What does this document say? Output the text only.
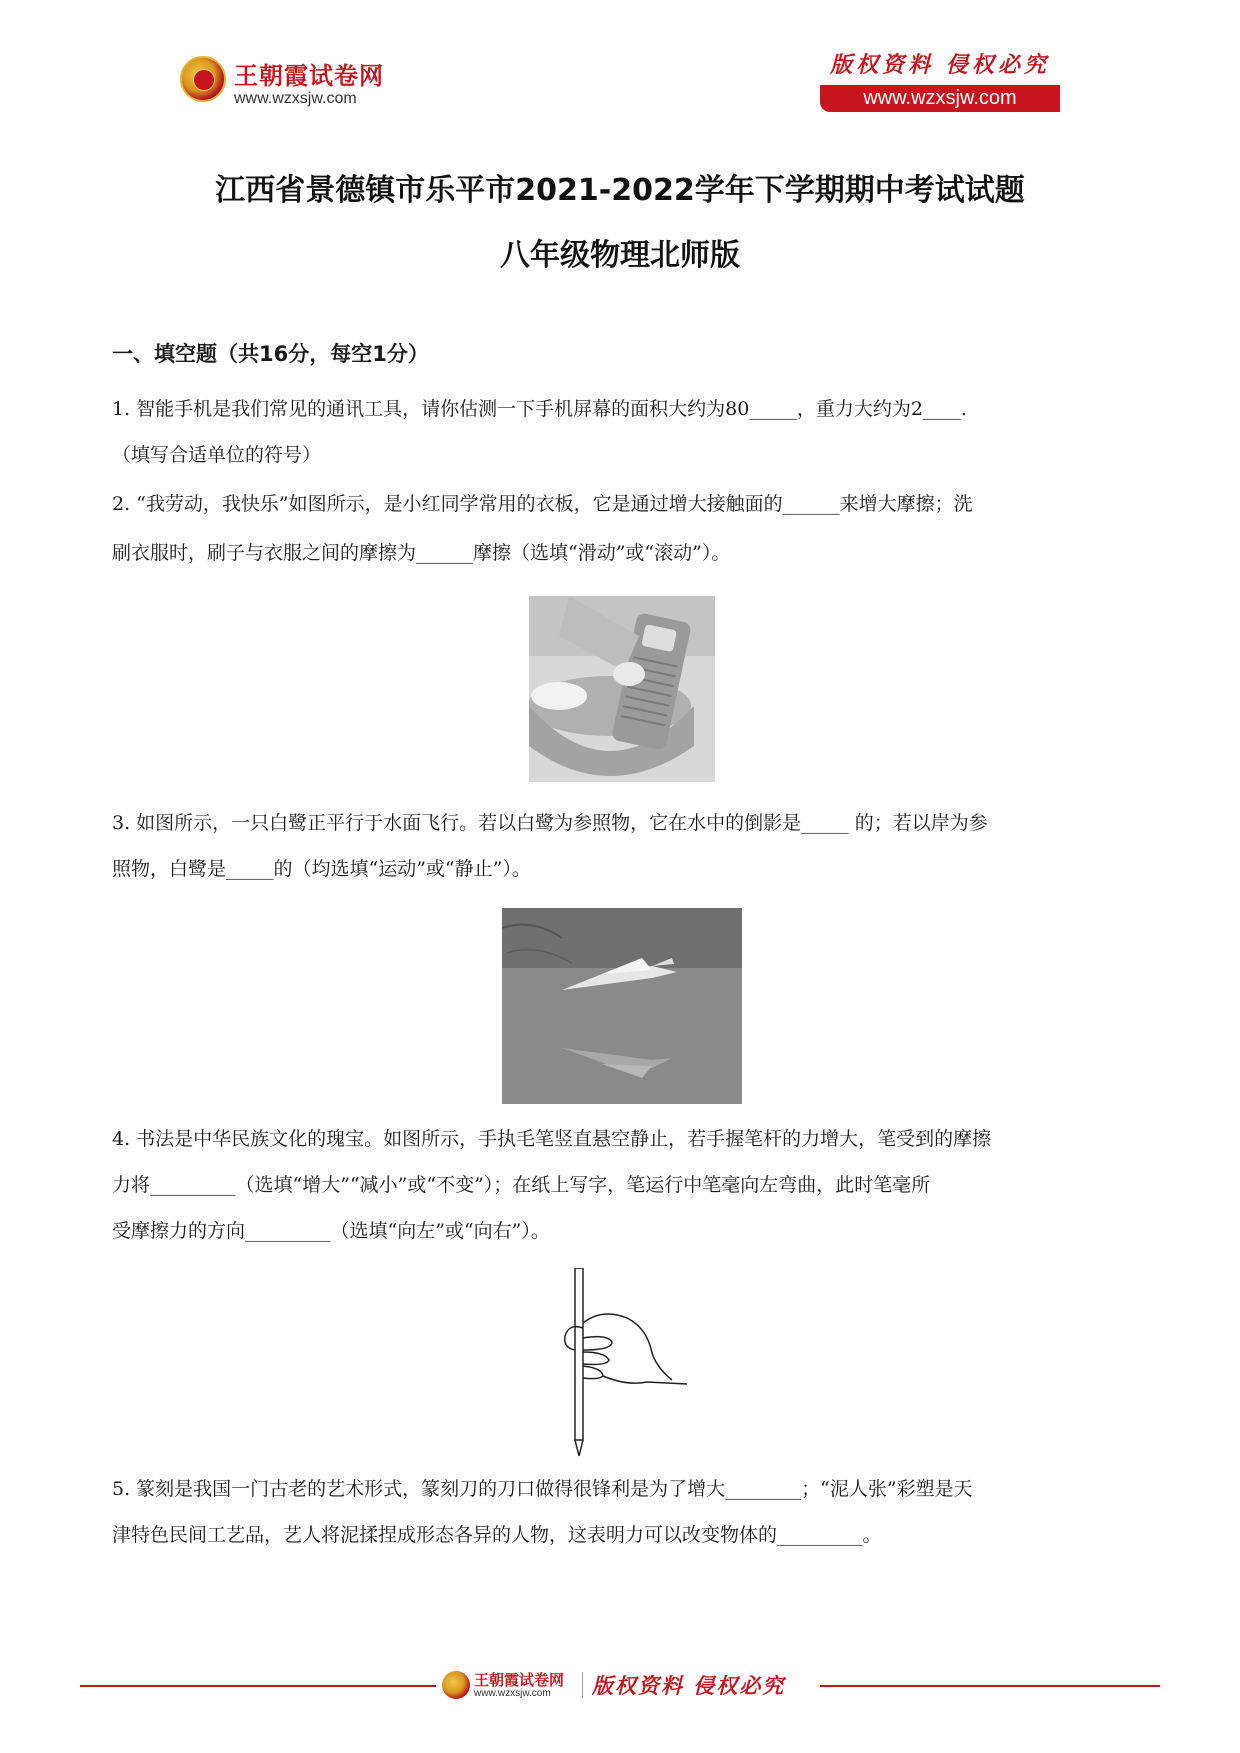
王朝霞试卷网
www.wzxsjw.com
版权资料 侵权必究
www.wzxsjw.com
江西省景德镇市乐平市2021-2022学年下学期期中考试试题
八年级物理北师版
一、填空题（共16分，每空1分）

1. 智能手机是我们常见的通讯工具，请你估测一下手机屏幕的面积大约为80_____，重力大约为2____.

（填写合适单位的符号）

2. “我劳动，我快乐”如图所示，是小红同学常用的衣板，它是通过增大接触面的______来增大摩擦；洗

刷衣服时，刷子与衣服之间的摩擦为______摩擦（选填“滑动”或“滚动”）。

3. 如图所示，一只白鹭正平行于水面飞行。若以白鹭为参照物，它在水中的倒影是_____ 的；若以岸为参

照物，白鹭是_____的（均选填“运动”或“静止”）。

4. 书法是中华民族文化的瑰宝。如图所示，手执毛笔竖直悬空静止，若手握笔杆的力增大，笔受到的摩擦

力将_________（选填“增大”“减小”或“不变”）；在纸上写字，笔运行中笔毫向左弯曲，此时笔毫所

受摩擦力的方向_________（选填“向左”或“向右”）。

5. 篆刻是我国一门古老的艺术形式，篆刻刀的刀口做得很锋利是为了增大________；“泥人张”彩塑是天

津特色民间工艺品，艺人将泥揉捏成形态各异的人物，这表明力可以改变物体的_________。

王朝霞试卷网
www.wzxsjw.com 版权资料 侵权必究
